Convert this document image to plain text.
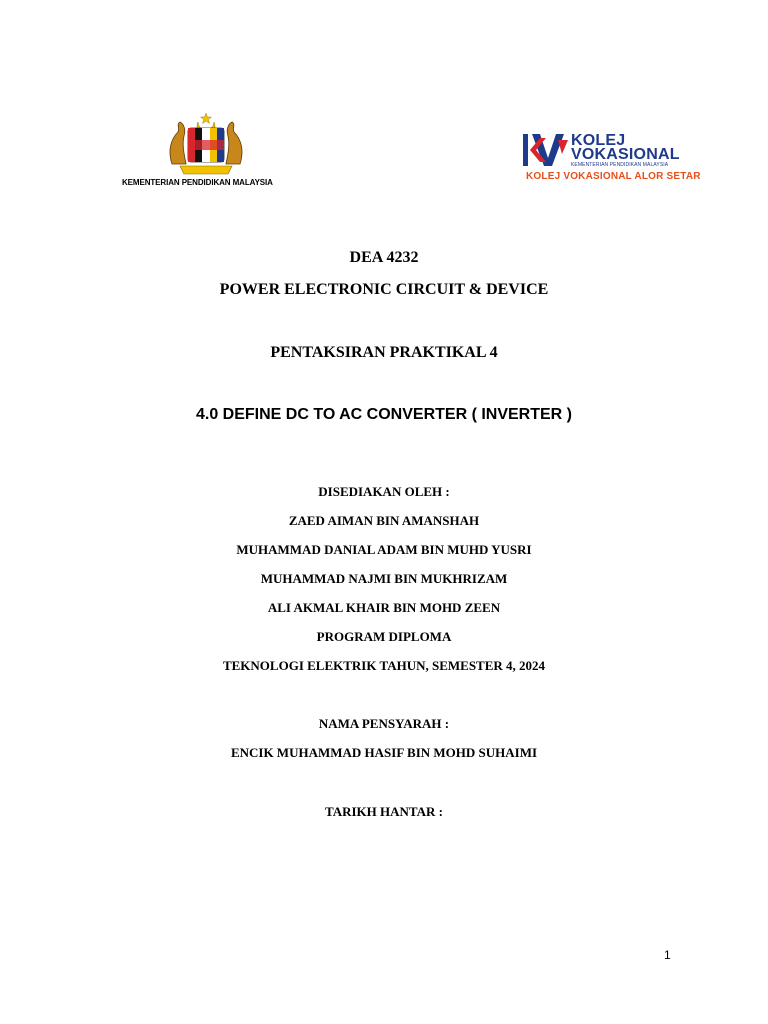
KEMENTERIAN PENDIDIKAN MALAYSIA
KOLEJ
VOKASIONAL
KEMENTERIAN PENDIDIKAN MALAYSIA
KOLEJ VOKASIONAL ALOR SETAR
DEA 4232
POWER ELECTRONIC CIRCUIT & DEVICE
PENTAKSIRAN PRAKTIKAL 4
4.0 DEFINE DC TO AC CONVERTER ( INVERTER )
DISEDIAKAN OLEH :
ZAED AIMAN BIN AMANSHAH
MUHAMMAD DANIAL ADAM BIN MUHD YUSRI
MUHAMMAD NAJMI BIN MUKHRIZAM
ALI AKMAL KHAIR BIN MOHD ZEEN
PROGRAM DIPLOMA
TEKNOLOGI ELEKTRIK TAHUN, SEMESTER 4, 2024
NAMA PENSYARAH :
ENCIK MUHAMMAD HASIF BIN MOHD SUHAIMI
TARIKH HANTAR :
1
